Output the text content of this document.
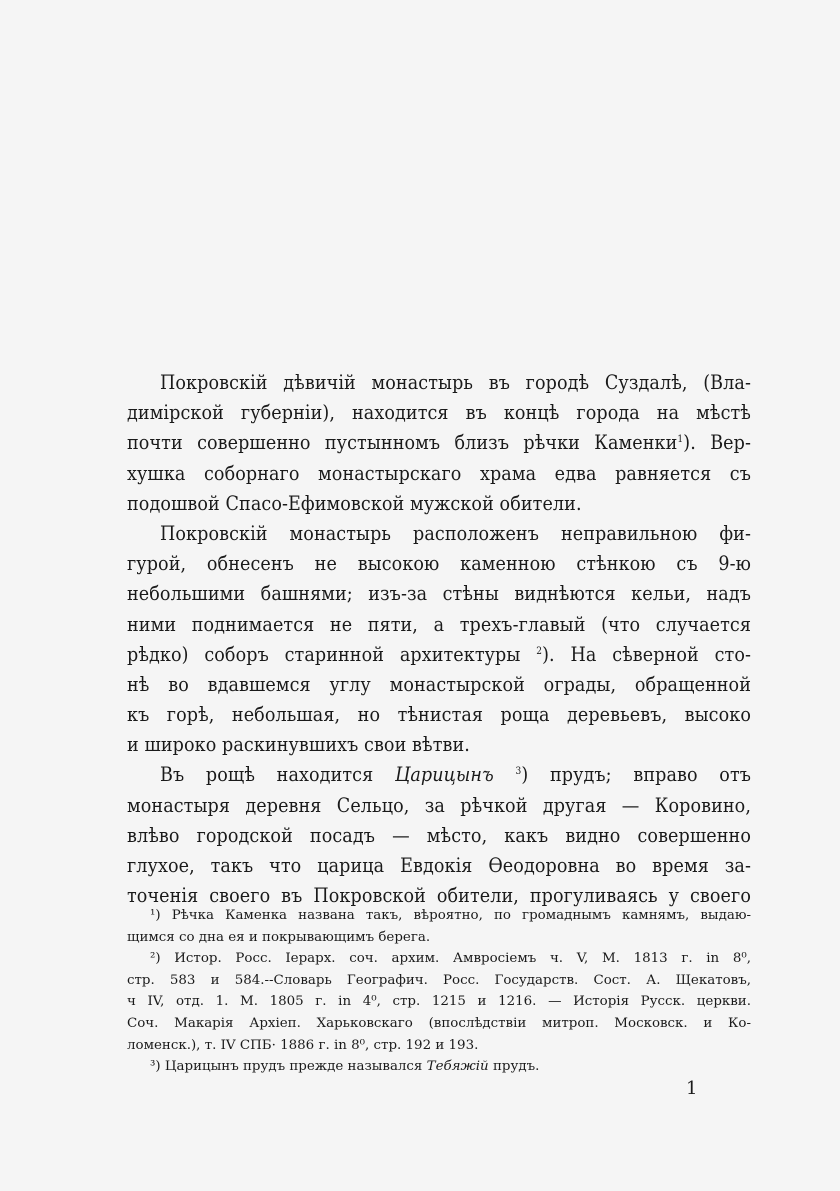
Покровскій дѣвичій монастырь въ городѣ Суздалѣ, (Вла-
димірской губерніи), находится въ концѣ города на мѣстѣ
почти совершенно пустынномъ близъ рѣчки Каменки$^1$). Вер-
хушка соборнаго монастырскаго храма едва равняется съ
подошвой Спасо-Ефимовской мужской обители.
Покровскій монастырь расположенъ неправильною фи-
гурой, обнесенъ не высокою каменною стѣнкою съ 9-ю
небольшими башнями; изъ-за стѣны виднѣются кельи, надъ
ними поднимается не пяти, а трехъ-главый (что случается
рѣдко) соборъ старинной архитектуры $^2$). На сѣверной сто-
нѣ во вдавшемся углу монастырской ограды, обращенной
къ горѣ, небольшая, но тѣнистая роща деревьевъ, высоко
и широко раскинувшихъ свои вѣтви.
Въ рощѣ находится Царицынъ $^3$) прудъ; вправо отъ
монастыря деревня Сельцо, за рѣчкой другая — Коровино,
влѣво городской посадъ — мѣсто, какъ видно совершенно
глухое, такъ что царица Евдокія Өеодоровна во время за-
точенія своего въ Покровской обители, прогуливаясь у своего
¹) Рѣчка Каменка названа такъ, вѣроятно, по громаднымъ камнямъ, выдаю-
щимся со дна ея и покрывающимъ берега.
²) Истор. Росс. Іерарх. соч. архим. Амвросіемъ ч. V, М. 1813 г. in 8⁰,
стр. 583 и 584.--Словарь Географич. Росс. Государств. Сост. А. Щекатовъ,
ч IV, отд. 1. М. 1805 г. in 4⁰, стр. 1215 и 1216. — Исторія Русск. церкви.
Соч. Макарія Архіеп. Харьковскаго (впослѣдствіи митроп. Московск. и Ко-
ломенск.), т. IV СПБ· 1886 г. in 8⁰, стр. 192 и 193.
³) Царицынъ прудъ прежде назывался Тебяжій прудъ.
1
